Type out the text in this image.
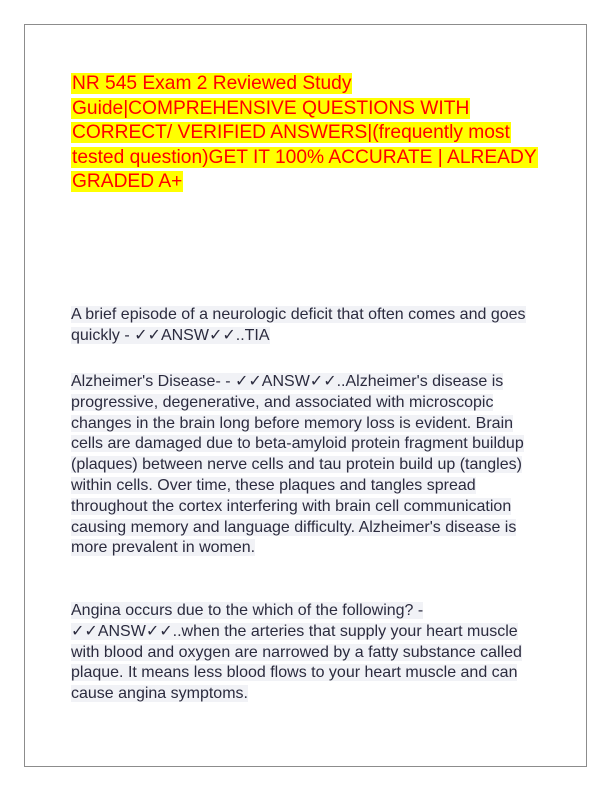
NR 545 Exam 2 Reviewed Study Guide|COMPREHENSIVE QUESTIONS WITH CORRECT/ VERIFIED ANSWERS|(frequently most tested question)GET IT 100% ACCURATE | ALREADY GRADED A+
A brief episode of a neurologic deficit that often comes and goes quickly - ✓✓ANSW✓✓..TIA
Alzheimer's Disease- - ✓✓ANSW✓✓..Alzheimer's disease is progressive, degenerative, and associated with microscopic changes in the brain long before memory loss is evident. Brain cells are damaged due to beta-amyloid protein fragment buildup (plaques) between nerve cells and tau protein build up (tangles) within cells. Over time, these plaques and tangles spread throughout the cortex interfering with brain cell communication causing memory and language difficulty. Alzheimer's disease is more prevalent in women.
Angina occurs due to the which of the following? - ✓✓ANSW✓✓..when the arteries that supply your heart muscle with blood and oxygen are narrowed by a fatty substance called plaque. It means less blood flows to your heart muscle and can cause angina symptoms.
